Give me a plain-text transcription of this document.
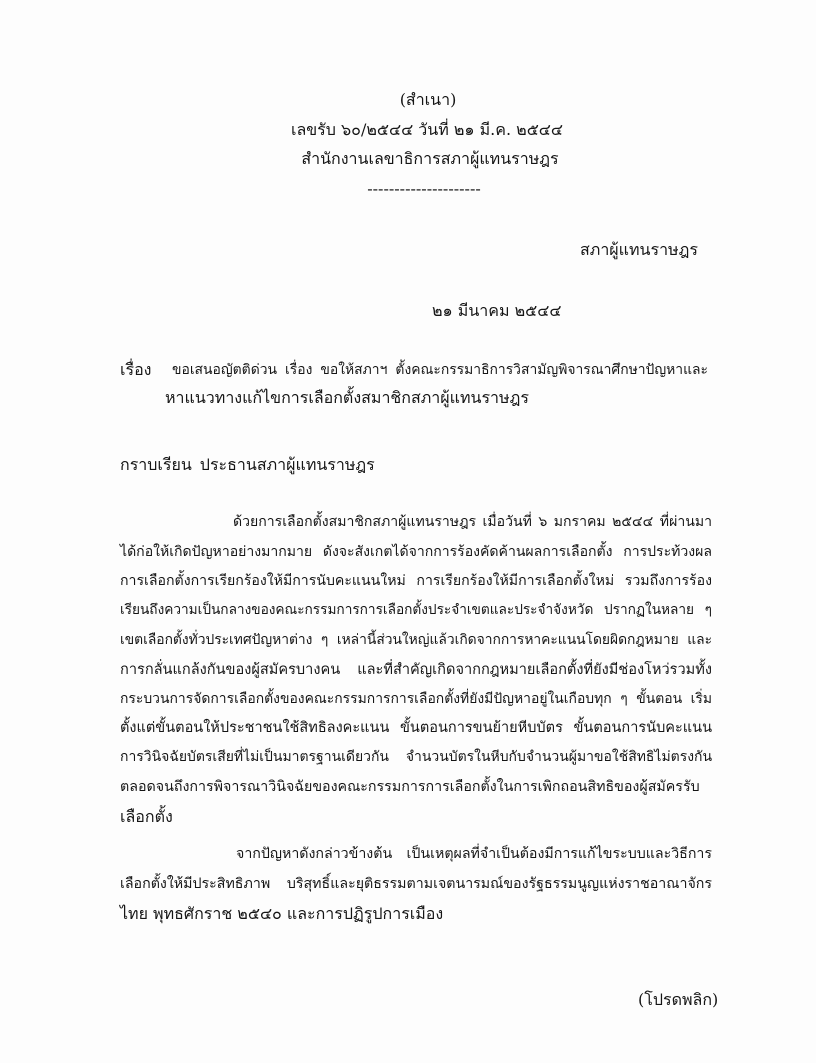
(สำเนา)
เลขรับ ๖๐/๒๕๔๔ วันที่ ๒๑ มี.ค. ๒๕๔๔
สำนักงานเลขาธิการสภาผู้แทนราษฎร
---------------------
สภาผู้แทนราษฎร
๒๑ มีนาคม ๒๕๔๔
เรื่อง	ขอเสนอญัตติด่วน เรื่อง ขอให้สภาฯ ตั้งคณะกรรมาธิการวิสามัญพิจารณาศึกษาปัญหาและ
หาแนวทางแก้ไขการเลือกตั้งสมาชิกสภาผู้แทนราษฎร
กราบเรียน ประธานสภาผู้แทนราษฎร
ด้วยการเลือกตั้งสมาชิกสภาผู้แทนราษฎร เมื่อวันที่ ๖ มกราคม ๒๕๔๔ ที่ผ่านมา
ได้ก่อให้เกิดปัญหาอย่างมากมาย ดังจะสังเกตได้จากการร้องคัดค้านผลการเลือกตั้ง การประท้วงผล
การเลือกตั้งการเรียกร้องให้มีการนับคะแนนใหม่ การเรียกร้องให้มีการเลือกตั้งใหม่ รวมถึงการร้อง
เรียนถึงความเป็นกลางของคณะกรรมการการเลือกตั้งประจำเขตและประจำจังหวัด ปรากฏในหลาย ๆ
เขตเลือกตั้งทั่วประเทศปัญหาต่าง ๆ เหล่านี้ส่วนใหญ่แล้วเกิดจากการหาคะแนนโดยผิดกฎหมาย และ
การกลั่นแกล้งกันของผู้สมัครบางคน และที่สำคัญเกิดจากกฎหมายเลือกตั้งที่ยังมีช่องโหว่รวมทั้ง
กระบวนการจัดการเลือกตั้งของคณะกรรมการการเลือกตั้งที่ยังมีปัญหาอยู่ในเกือบทุก ๆ ขั้นตอน เริ่ม
ตั้งแต่ขั้นตอนให้ประชาชนใช้สิทธิลงคะแนน ขั้นตอนการขนย้ายหีบบัตร ขั้นตอนการนับคะแนน
การวินิจฉัยบัตรเสียที่ไม่เป็นมาตรฐานเดียวกัน จำนวนบัตรในหีบกับจำนวนผู้มาขอใช้สิทธิไม่ตรงกัน
ตลอดจนถึงการพิจารณาวินิจฉัยของคณะกรรมการการเลือกตั้งในการเพิกถอนสิทธิของผู้สมัครรับ
เลือกตั้ง
จากปัญหาดังกล่าวข้างต้น เป็นเหตุผลที่จำเป็นต้องมีการแก้ไขระบบและวิธีการ
เลือกตั้งให้มีประสิทธิภาพ บริสุทธิ์และยุติธรรมตามเจตนารมณ์ของรัฐธรรมนูญแห่งราชอาณาจักร
ไทย พุทธศักราช ๒๕๔๐ และการปฏิรูปการเมือง
(โปรดพลิก)
